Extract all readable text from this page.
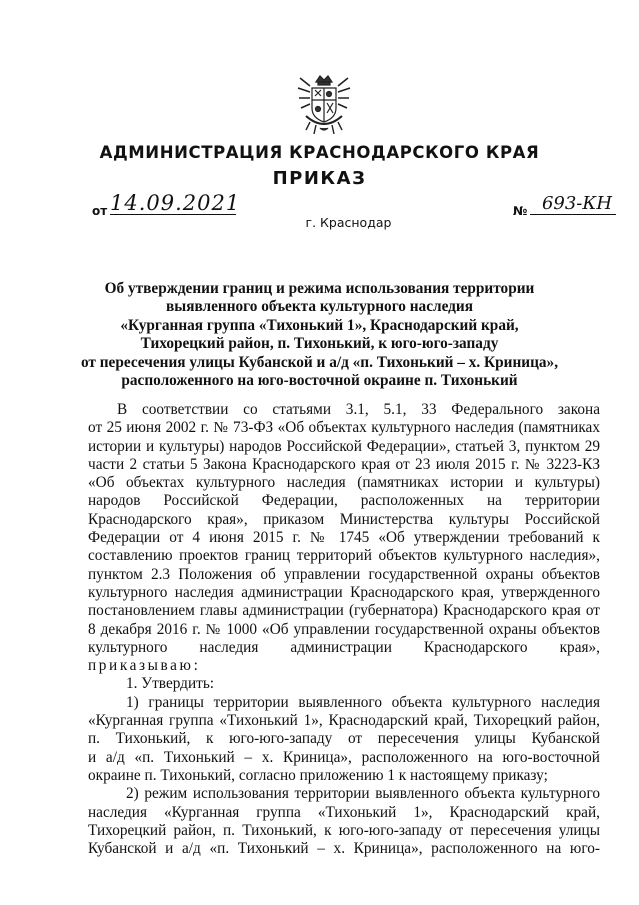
АДМИНИСТРАЦИЯ КРАСНОДАРСКОГО КРАЯ
ПРИКАЗ
от 14.09.2021
г. Краснодар
№ 693-КН
Об утверждении границ и режима использования территории
выявленного объекта культурного наследия
«Курганная группа «Тихонький 1», Краснодарский край,
Тихорецкий район, п. Тихонький, к юго-юго-западу
от пересечения улицы Кубанской и а/д «п. Тихонький – х. Криница»,
расположенного на юго-восточной окраине п. Тихонький
В соответствии со статьями 3.1, 5.1, 33 Федерального закона
от 25 июня 2002 г. № 73-ФЗ «Об объектах культурного наследия (памятниках
истории и культуры) народов Российской Федерации», статьей 3, пунктом 29
части 2 статьи 5 Закона Краснодарского края от 23 июля 2015 г. № 3223-КЗ
«Об объектах культурного наследия (памятниках истории и культуры)
народов Российской Федерации, расположенных на территории
Краснодарского края», приказом Министерства культуры Российской
Федерации от 4 июня 2015 г. № 1745 «Об утверждении требований к
составлению проектов границ территорий объектов культурного наследия»,
пунктом 2.3 Положения об управлении государственной охраны объектов
культурного наследия администрации Краснодарского края, утвержденного
постановлением главы администрации (губернатора) Краснодарского края от
8 декабря 2016 г. № 1000 «Об управлении государственной охраны объектов
культурного наследия администрации Краснодарского края»,
приказываю:
1. Утвердить:
1) границы территории выявленного объекта культурного наследия
«Курганная группа «Тихонький 1», Краснодарский край, Тихорецкий район,
п. Тихонький, к юго-юго-западу от пересечения улицы Кубанской
и а/д «п. Тихонький – х. Криница», расположенного на юго-восточной
окраине п. Тихонький, согласно приложению 1 к настоящему приказу;
2) режим использования территории выявленного объекта культурного
наследия «Курганная группа «Тихонький 1», Краснодарский край,
Тихорецкий район, п. Тихонький, к юго-юго-западу от пересечения улицы
Кубанской и а/д «п. Тихонький – х. Криница», расположенного на юго-
